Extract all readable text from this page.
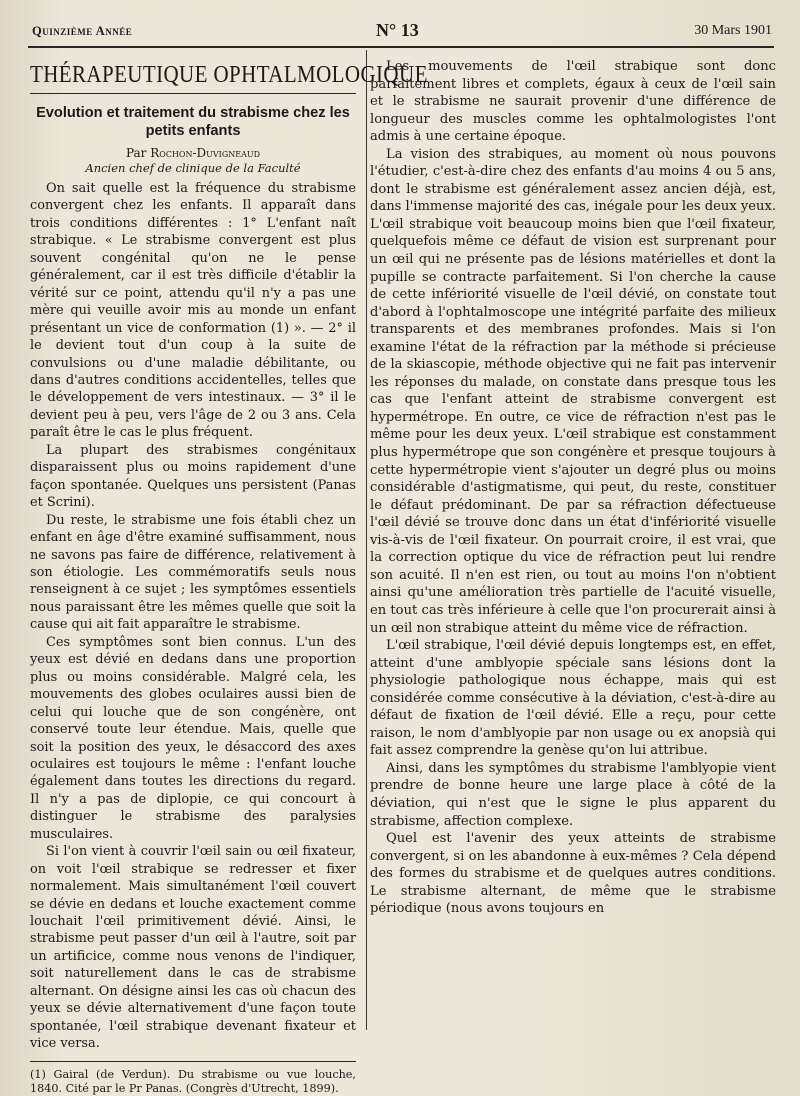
Quinzième Année	N° 13	30 Mars 1901
THÉRAPEUTIQUE OPHTALMOLOGIQUE
Evolution et traitement du strabisme chez les petits enfants
Par Rochon-Duvigneaud
Ancien chef de clinique de la Faculté

On sait quelle est la fréquence du strabisme convergent chez les enfants. Il apparaît dans trois conditions différentes : 1° L'enfant naît strabique. « Le strabisme convergent est plus souvent congénital qu'on ne le pense généralement, car il est très difficile d'établir la vérité sur ce point, attendu qu'il n'y a pas une mère qui veuille avoir mis au monde un enfant présentant un vice de conformation (1) ». — 2° il le devient tout d'un coup à la suite de convulsions ou d'une maladie débilitante, ou dans d'autres conditions accidentelles, telles que le développement de vers intestinaux. — 3° il le devient peu à peu, vers l'âge de 2 ou 3 ans. Cela paraît être le cas le plus fréquent.

La plupart des strabismes congénitaux disparaissent plus ou moins rapidement d'une façon spontanée. Quelques uns persistent (Panas et Scrini).

Du reste, le strabisme une fois établi chez un enfant en âge d'être examiné suffisamment, nous ne savons pas faire de différence, relativement à son étiologie. Les commémoratifs seuls nous renseignent à ce sujet ; les symptômes essentiels nous paraissant être les mêmes quelle que soit la cause qui ait fait apparaître le strabisme.

Ces symptômes sont bien connus. L'un des yeux est dévié en dedans dans une proportion plus ou moins considérable. Malgré cela, les mouvements des globes oculaires aussi bien de celui qui louche que de son congénère, ont conservé toute leur étendue. Mais, quelle que soit la position des yeux, le désaccord des axes oculaires est toujours le même : l'enfant louche également dans toutes les directions du regard. Il n'y a pas de diplopie, ce qui concourt à distinguer le strabisme des paralysies musculaires.

Si l'on vient à couvrir l'œil sain ou œil fixateur, on voit l'œil strabique se redresser et fixer normalement. Mais simultanément l'œil couvert se dévie en dedans et louche exactement comme louchait l'œil primitivement dévié. Ainsi, le strabisme peut passer d'un œil à l'autre, soit par un artificice, comme nous venons de l'indiquer, soit naturellement dans le cas de strabisme alternant. On désigne ainsi les cas où chacun des yeux se dévie alternativement d'une façon toute spontanée, l'œil strabique devenant fixateur et vice versa.

(1) Gairal (de Verdun). Du strabisme ou vue louche, 1840. Cité par le Pr Panas. (Congrès d'Utrecht, 1899).

Les mouvements de l'œil strabique sont donc parfaitement libres et complets, égaux à ceux de l'œil sain et le strabisme ne saurait provenir d'une différence de longueur des muscles comme les ophtalmologistes l'ont admis à une certaine époque.

La vision des strabiques, au moment où nous pouvons l'étudier, c'est-à-dire chez des enfants d'au moins 4 ou 5 ans, dont le strabisme est généralement assez ancien déjà, est, dans l'immense majorité des cas, inégale pour les deux yeux. L'œil strabique voit beaucoup moins bien que l'œil fixateur, quelquefois même ce défaut de vision est surprenant pour un œil qui ne présente pas de lésions matérielles et dont la pupille se contracte parfaitement. Si l'on cherche la cause de cette infériorité visuelle de l'œil dévié, on constate tout d'abord à l'ophtalmoscope une intégrité parfaite des milieux transparents et des membranes profondes. Mais si l'on examine l'état de la réfraction par la méthode si précieuse de la skiascopie, méthode objective qui ne fait pas intervenir les réponses du malade, on constate dans presque tous les cas que l'enfant atteint de strabisme convergent est hypermétrope. En outre, ce vice de réfraction n'est pas le même pour les deux yeux. L'œil strabique est constamment plus hypermétrope que son congénère et presque toujours à cette hypermétropie vient s'ajouter un degré plus ou moins considérable d'astigmatisme, qui peut, du reste, constituer le défaut prédominant. De par sa réfraction défectueuse l'œil dévié se trouve donc dans un état d'infériorité visuelle vis-à-vis de l'œil fixateur. On pourrait croire, il est vrai, que la correction optique du vice de réfraction peut lui rendre son acuité. Il n'en est rien, ou tout au moins l'on n'obtient ainsi qu'une amélioration très partielle de l'acuité visuelle, en tout cas très inférieure à celle que l'on procurerait ainsi à un œil non strabique atteint du même vice de réfraction.

L'œil strabique, l'œil dévié depuis longtemps est, en effet, atteint d'une amblyopie spéciale sans lésions dont la physiologie pathologique nous échappe, mais qui est considérée comme consécutive à la déviation, c'est-à-dire au défaut de fixation de l'œil dévié. Elle a reçu, pour cette raison, le nom d'amblyopie par non usage ou ex anopsià qui fait assez comprendre la genèse qu'on lui attribue.

Ainsi, dans les symptômes du strabisme l'amblyopie vient prendre de bonne heure une large place à côté de la déviation, qui n'est que le signe le plus apparent du strabisme, affection complexe.

Quel est l'avenir des yeux atteints de strabisme convergent, si on les abandonne à eux-mêmes ? Cela dépend des formes du strabisme et de quelques autres conditions. Le strabisme alternant, de même que le strabisme périodique (nous avons toujours en
